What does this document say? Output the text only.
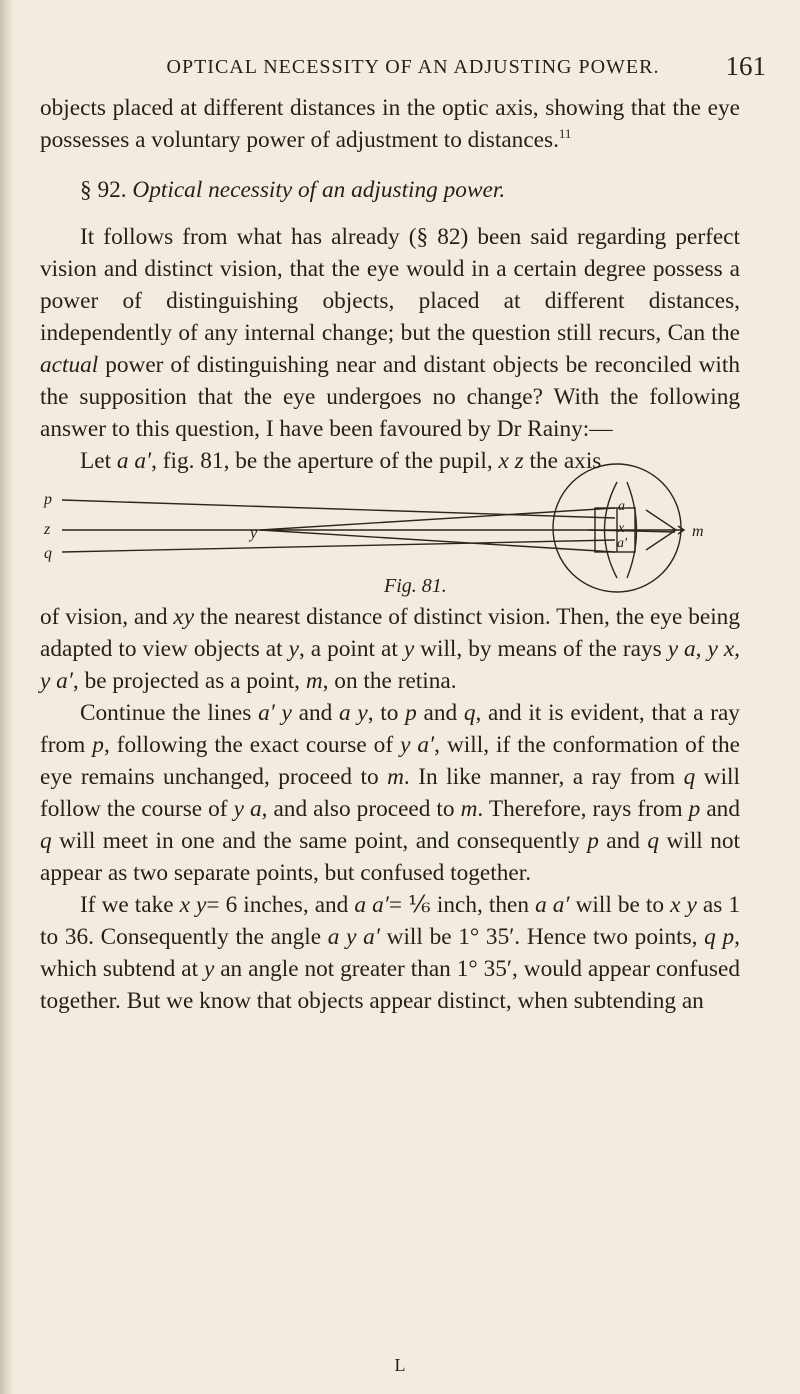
OPTICAL NECESSITY OF AN ADJUSTING POWER. 161

objects placed at different distances in the optic axis, showing that the eye possesses a voluntary power of adjustment to distances.$^{11}$

§ 92. Optical necessity of an adjusting power.

It follows from what has already (§ 82) been said regarding perfect vision and distinct vision, that the eye would in a certain degree possess a power of distinguishing objects, placed at different distances, independently of any internal change; but the question still recurs, Can the actual power of distinguishing near and distant objects be reconciled with the supposition that the eye undergoes no change? With the following answer to this question, I have been favoured by Dr Rainy:—

Let a a′, fig. 81, be the aperture of the pupil, x z the axis

p
z
q
y
a
x
a′
m
Fig. 81.

of vision, and xy the nearest distance of distinct vision. Then, the eye being adapted to view objects at y, a point at y will, by means of the rays y a, y x, y a′, be projected as a point, m, on the retina.

Continue the lines a′ y and a y, to p and q, and it is evident, that a ray from p, following the exact course of y a′, will, if the conformation of the eye remains unchanged, proceed to m. In like manner, a ray from q will follow the course of y a, and also proceed to m. Therefore, rays from p and q will meet in one and the same point, and consequently p and q will not appear as two separate points, but confused together.

If we take x y= 6 inches, and a a′= ⅙ inch, then a a′ will be to x y as 1 to 36. Consequently the angle a y a′ will be 1° 35′. Hence two points, q p, which subtend at y an angle not greater than 1° 35′, would appear confused together. But we know that objects appear distinct, when subtending an

L
